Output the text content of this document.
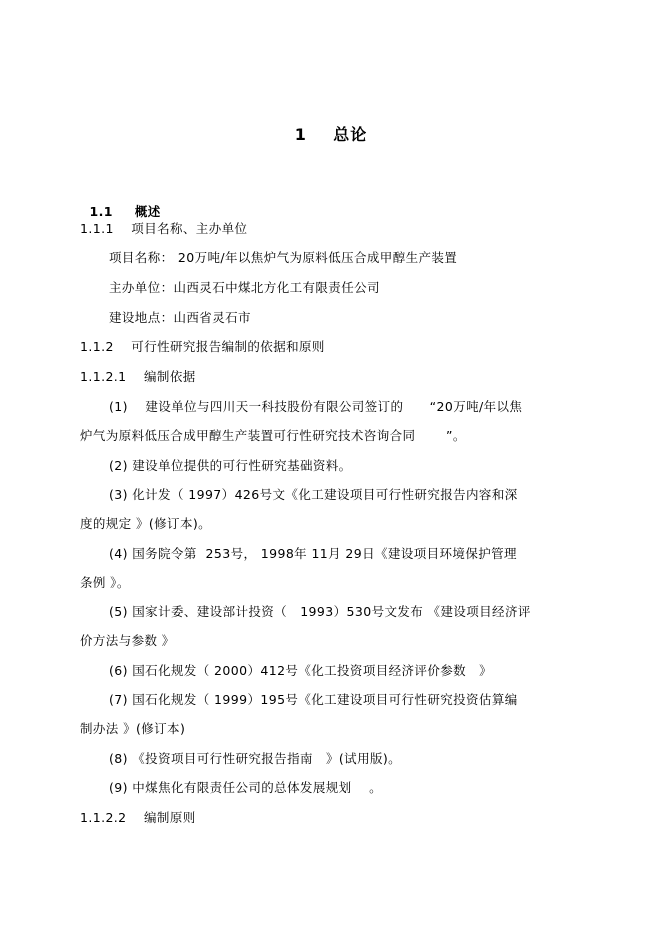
1    总论

1.1 概述

1.1.1    项目名称、主办单位
项目名称： 20万吨/年以焦炉气为原料低压合成甲醇生产装置
主办单位：山西灵石中煤北方化工有限责任公司
建设地点：山西省灵石市
1.1.2    可行性研究报告编制的依据和原则
1.1.2.1    编制依据
(1)    建设单位与四川天一科技股份有限公司签订的      “20万吨/年以焦
炉气为原料低压合成甲醇生产装置可行性研究技术咨询合同       ”。
(2) 建设单位提供的可行性研究基础资料。
(3) 化计发（ 1997）426号文《化工建设项目可行性研究报告内容和深
度的规定 》(修订本)。
(4) 国务院令第  253号， 1998年 11月 29日《建设项目环境保护管理
条例 》。
(5) 国家计委、建设部计投资（   1993）530号文发布 《建设项目经济评
价方法与参数 》
(6) 国石化规发（ 2000）412号《化工投资项目经济评价参数   》
(7) 国石化规发（ 1999）195号《化工建设项目可行性研究投资估算编
制办法 》(修订本)
(8) 《投资项目可行性研究报告指南   》(试用版)。
(9) 中煤焦化有限责任公司的总体发展规划    。
1.1.2.2    编制原则
